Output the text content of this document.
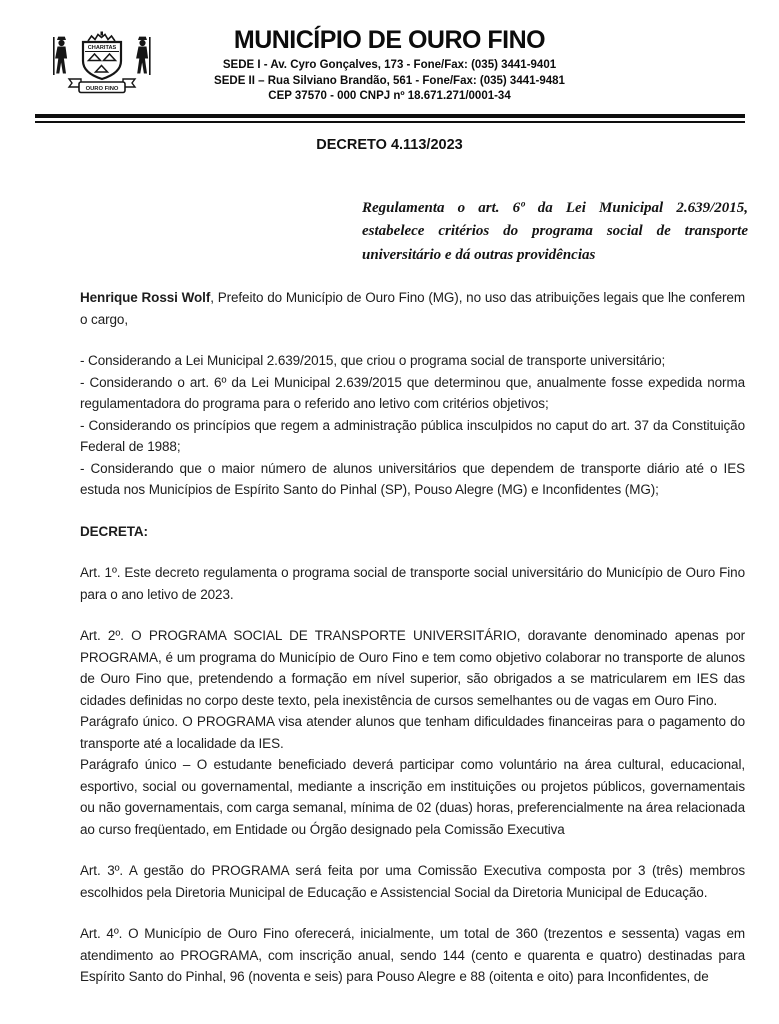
CHARITAS
OURO FINO
MUNICÍPIO DE OURO FINO

SEDE I - Av. Cyro Gonçalves, 173 - Fone/Fax: (035) 3441-9401

SEDE II – Rua Silviano Brandão, 561 - Fone/Fax: (035) 3441-9481

CEP 37570 - 000 CNPJ nº 18.671.271/0001-34

DECRETO 4.113/2023
Regulamenta o art. 6º da Lei Municipal 2.639/2015, estabelece critérios do programa social de transporte universitário e dá outras providências

Henrique Rossi Wolf, Prefeito do Município de Ouro Fino (MG), no uso das atribuições legais que lhe conferem o cargo,

- Considerando a Lei Municipal 2.639/2015, que criou o programa social de transporte universitário;

- Considerando o art. 6º da Lei Municipal 2.639/2015 que determinou que, anualmente fosse expedida norma regulamentadora do programa para o referido ano letivo com critérios objetivos;

- Considerando os princípios que regem a administração pública insculpidos no caput do art. 37 da Constituição Federal de 1988;

- Considerando que o maior número de alunos universitários que dependem de transporte diário até o IES estuda nos Municípios de Espírito Santo do Pinhal (SP), Pouso Alegre (MG) e Inconfidentes (MG);

DECRETA:

Art. 1º. Este decreto regulamenta o programa social de transporte social universitário do Município de Ouro Fino para o ano letivo de 2023.

Art. 2º. O PROGRAMA SOCIAL DE TRANSPORTE UNIVERSITÁRIO, doravante denominado apenas por PROGRAMA, é um programa do Município de Ouro Fino e tem como objetivo colaborar no transporte de alunos de Ouro Fino que, pretendendo a formação em nível superior, são obrigados a se matricularem em IES das cidades definidas no corpo deste texto, pela inexistência de cursos semelhantes ou de vagas em Ouro Fino.

Parágrafo único. O PROGRAMA visa atender alunos que tenham dificuldades financeiras para o pagamento do transporte até a localidade da IES.

Parágrafo único – O estudante beneficiado deverá participar como voluntário na área cultural, educacional, esportivo, social ou governamental, mediante a inscrição em instituições ou projetos públicos, governamentais ou não governamentais, com carga semanal, mínima de 02 (duas) horas, preferencialmente na área relacionada ao curso freqüentado, em Entidade ou Órgão designado pela Comissão Executiva

Art. 3º. A gestão do PROGRAMA será feita por uma Comissão Executiva composta por 3 (três) membros escolhidos pela Diretoria Municipal de Educação e Assistencial Social da Diretoria Municipal de Educação.

Art. 4º. O Município de Ouro Fino oferecerá, inicialmente, um total de 360 (trezentos e sessenta) vagas em atendimento ao PROGRAMA, com inscrição anual, sendo 144 (cento e quarenta e quatro) destinadas para Espírito Santo do Pinhal, 96 (noventa e seis) para Pouso Alegre e 88 (oitenta e oito) para Inconfidentes, de
